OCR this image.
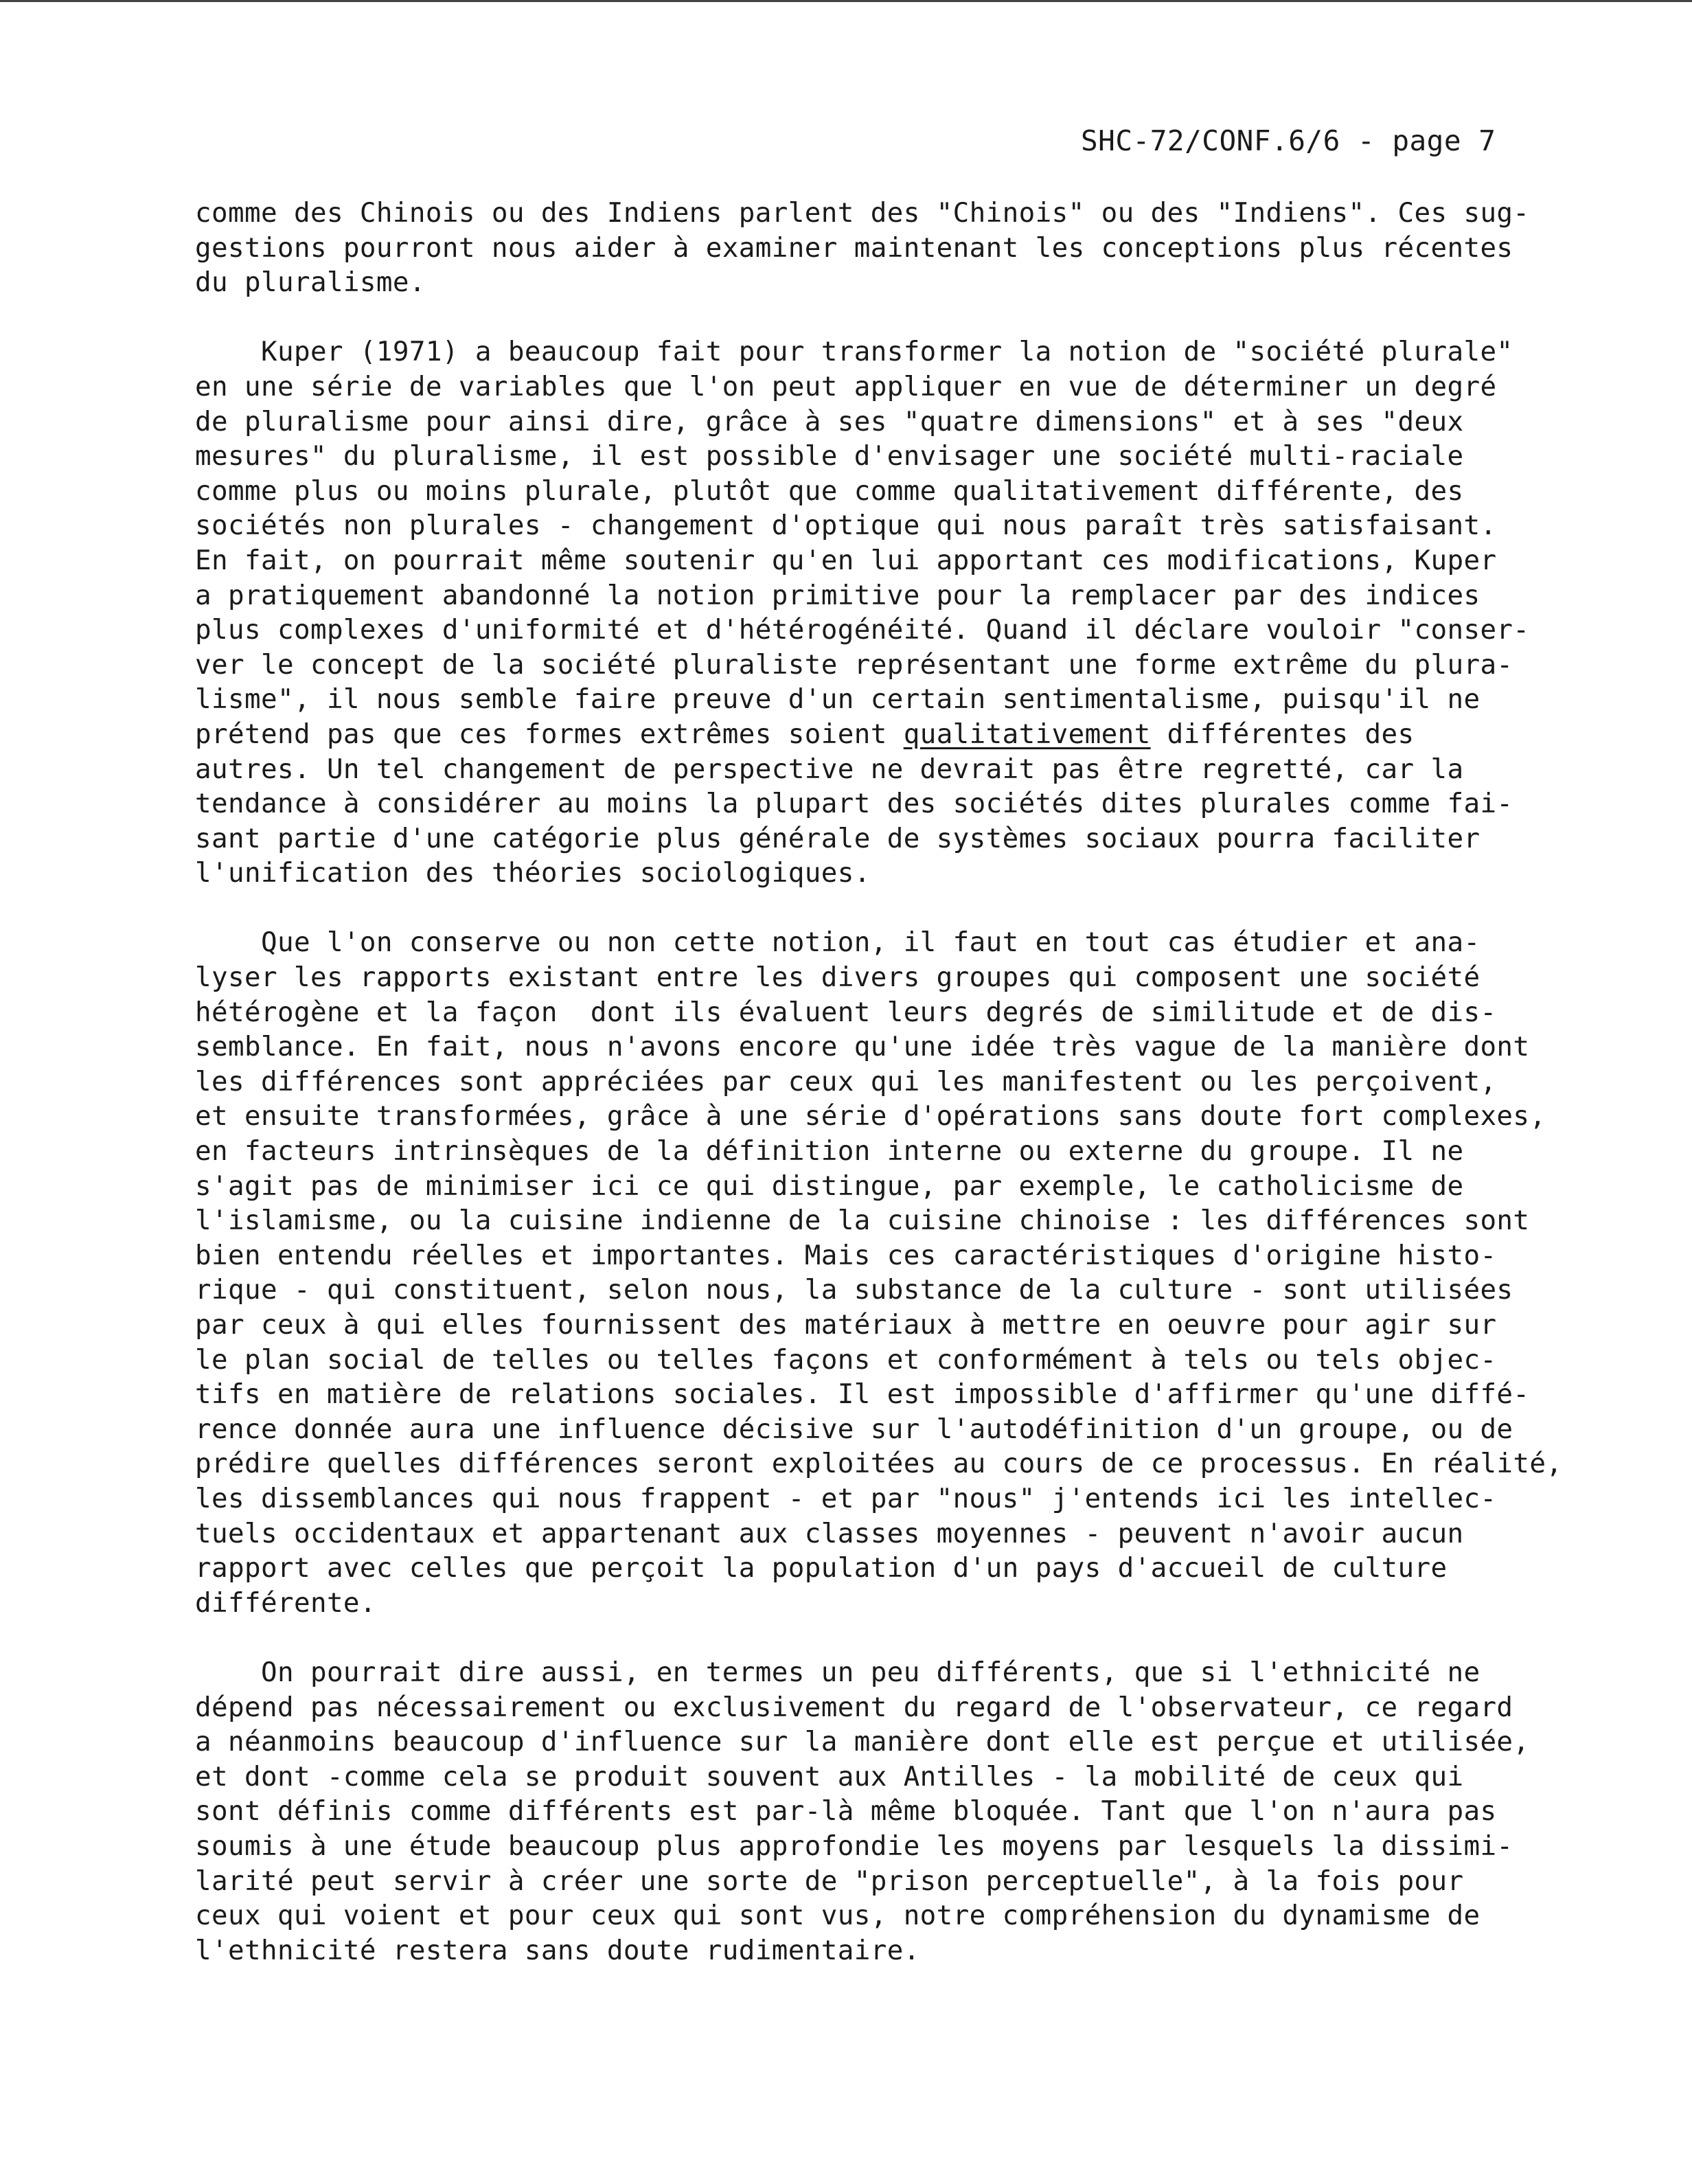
SHC-72/CONF.6/6 - page 7
comme des Chinois ou des Indiens parlent des "Chinois" ou des "Indiens". Ces sug-
gestions pourront nous aider à examiner maintenant les conceptions plus récentes
du pluralisme.
Kuper (1971) a beaucoup fait pour transformer la notion de "société plurale"
en une série de variables que l'on peut appliquer en vue de déterminer un degré
de pluralisme pour ainsi dire, grâce à ses "quatre dimensions" et à ses "deux
mesures" du pluralisme, il est possible d'envisager une société multi-raciale
comme plus ou moins plurale, plutôt que comme qualitativement différente, des
sociétés non plurales - changement d'optique qui nous paraît très satisfaisant.
En fait, on pourrait même soutenir qu'en lui apportant ces modifications, Kuper
a pratiquement abandonné la notion primitive pour la remplacer par des indices
plus complexes d'uniformité et d'hétérogénéité. Quand il déclare vouloir "conser-
ver le concept de la société pluraliste représentant une forme extrême du plura-
lisme", il nous semble faire preuve d'un certain sentimentalisme, puisqu'il ne
prétend pas que ces formes extrêmes soient qualitativement différentes des
autres. Un tel changement de perspective ne devrait pas être regretté, car la
tendance à considérer au moins la plupart des sociétés dites plurales comme fai-
sant partie d'une catégorie plus générale de systèmes sociaux pourra faciliter
l'unification des théories sociologiques.
Que l'on conserve ou non cette notion, il faut en tout cas étudier et ana-
lyser les rapports existant entre les divers groupes qui composent une société
hétérogène et la façon  dont ils évaluent leurs degrés de similitude et de dis-
semblance. En fait, nous n'avons encore qu'une idée très vague de la manière dont
les différences sont appréciées par ceux qui les manifestent ou les perçoivent,
et ensuite transformées, grâce à une série d'opérations sans doute fort complexes,
en facteurs intrinsèques de la définition interne ou externe du groupe. Il ne
s'agit pas de minimiser ici ce qui distingue, par exemple, le catholicisme de
l'islamisme, ou la cuisine indienne de la cuisine chinoise : les différences sont
bien entendu réelles et importantes. Mais ces caractéristiques d'origine histo-
rique - qui constituent, selon nous, la substance de la culture - sont utilisées
par ceux à qui elles fournissent des matériaux à mettre en oeuvre pour agir sur
le plan social de telles ou telles façons et conformément à tels ou tels objec-
tifs en matière de relations sociales. Il est impossible d'affirmer qu'une diffé-
rence donnée aura une influence décisive sur l'autodéfinition d'un groupe, ou de
prédire quelles différences seront exploitées au cours de ce processus. En réalité,
les dissemblances qui nous frappent - et par "nous" j'entends ici les intellec-
tuels occidentaux et appartenant aux classes moyennes - peuvent n'avoir aucun
rapport avec celles que perçoit la population d'un pays d'accueil de culture
différente.
On pourrait dire aussi, en termes un peu différents, que si l'ethnicité ne
dépend pas nécessairement ou exclusivement du regard de l'observateur, ce regard
a néanmoins beaucoup d'influence sur la manière dont elle est perçue et utilisée,
et dont -comme cela se produit souvent aux Antilles - la mobilité de ceux qui
sont définis comme différents est par-là même bloquée. Tant que l'on n'aura pas
soumis à une étude beaucoup plus approfondie les moyens par lesquels la dissimi-
larité peut servir à créer une sorte de "prison perceptuelle", à la fois pour
ceux qui voient et pour ceux qui sont vus, notre compréhension du dynamisme de
l'ethnicité restera sans doute rudimentaire.
